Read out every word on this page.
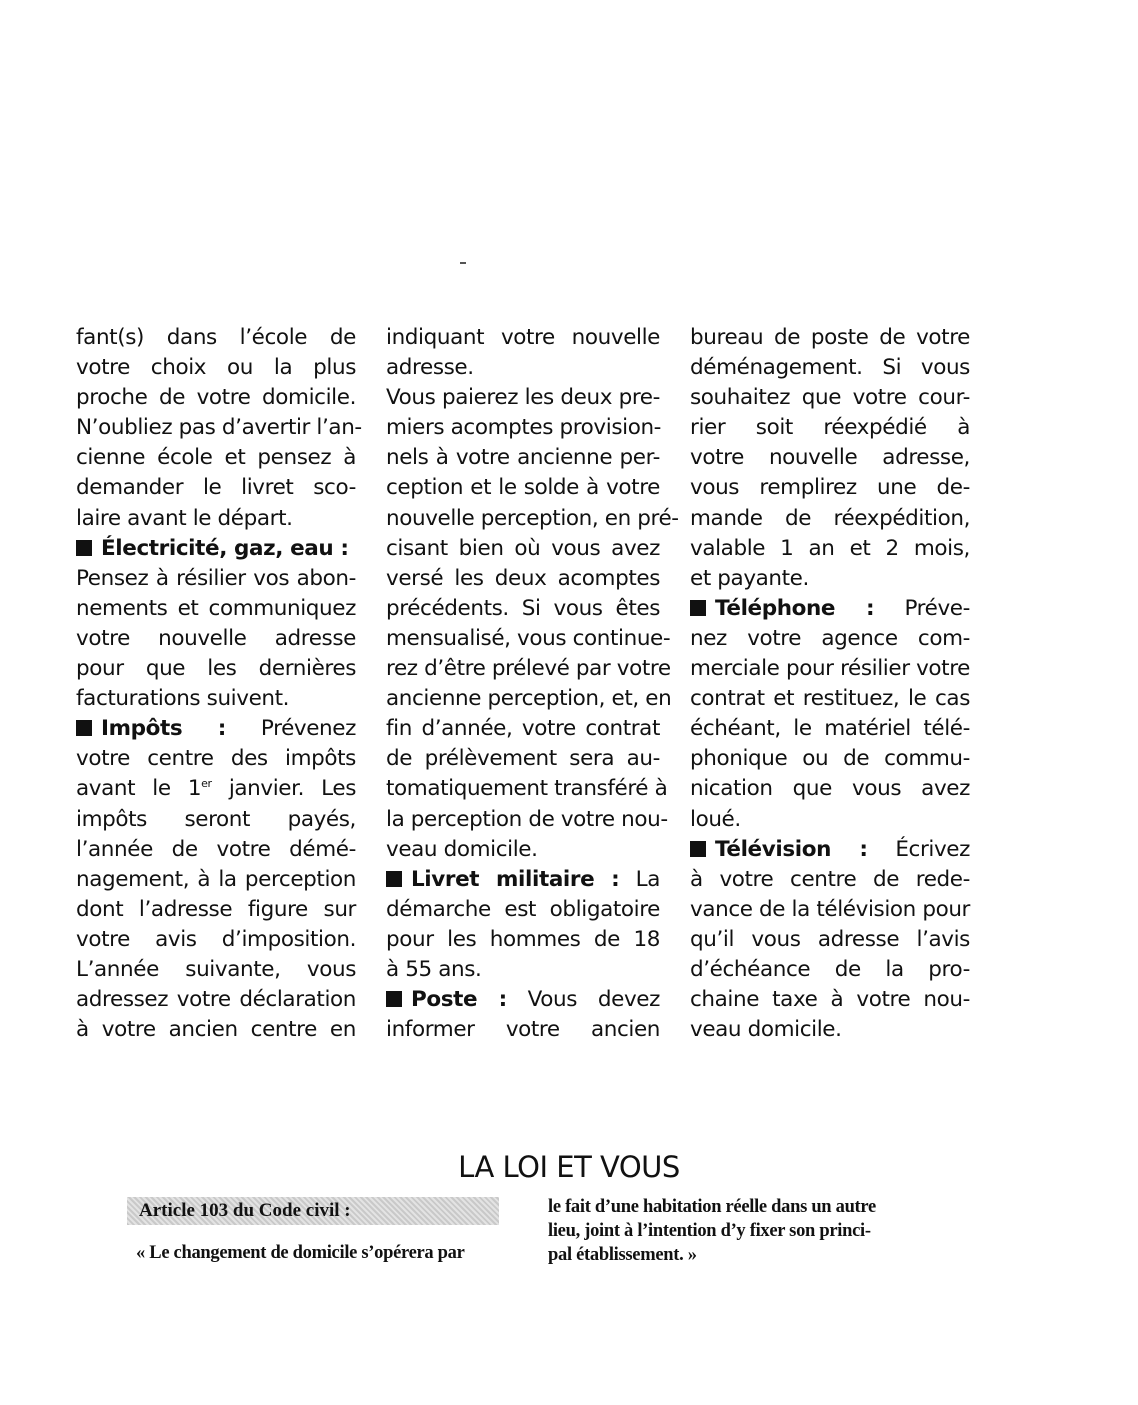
fant(s) dans l’école de
votre choix ou la plus
proche de votre domicile.
N’oubliez pas d’avertir l’an-
cienne école et pensez à
demander le livret sco-
laire avant le départ.
Électricité, gaz, eau :
Pensez à résilier vos abon-
nements et communiquez
votre nouvelle adresse
pour que les dernières
facturations suivent.
Impôts : Prévenez
votre centre des impôts
avant le 1er janvier. Les
impôts seront payés,
l’année de votre démé-
nagement, à la perception
dont l’adresse figure sur
votre avis d’imposition.
L’année suivante, vous
adressez votre déclaration
à votre ancien centre en
indiquant votre nouvelle
adresse.
Vous paierez les deux pre-
miers acomptes provision-
nels à votre ancienne per-
ception et le solde à votre
nouvelle perception, en pré-
cisant bien où vous avez
versé les deux acomptes
précédents. Si vous êtes
mensualisé, vous continue-
rez d’être prélevé par votre
ancienne perception, et, en
fin d’année, votre contrat
de prélèvement sera au-
tomatiquement transféré à
la perception de votre nou-
veau domicile.
Livret militaire : La
démarche est obligatoire
pour les hommes de 18
à 55 ans.
Poste : Vous devez
informer votre ancien
bureau de poste de votre
déménagement. Si vous
souhaitez que votre cour-
rier soit réexpédié à
votre nouvelle adresse,
vous remplirez une de-
mande de réexpédition,
valable 1 an et 2 mois,
et payante.
Téléphone : Préve-
nez votre agence com-
merciale pour résilier votre
contrat et restituez, le cas
échéant, le matériel télé-
phonique ou de commu-
nication que vous avez
loué.
Télévision : Écrivez
à votre centre de rede-
vance de la télévision pour
qu’il vous adresse l’avis
d’échéance de la pro-
chaine taxe à votre nou-
veau domicile.
LA LOI ET VOUS
Article 103 du Code civil :
« Le changement de domicile s’opérera par
le fait d’une habitation réelle dans un autre
lieu, joint à l’intention d’y fixer son princi-
pal établissement. »
